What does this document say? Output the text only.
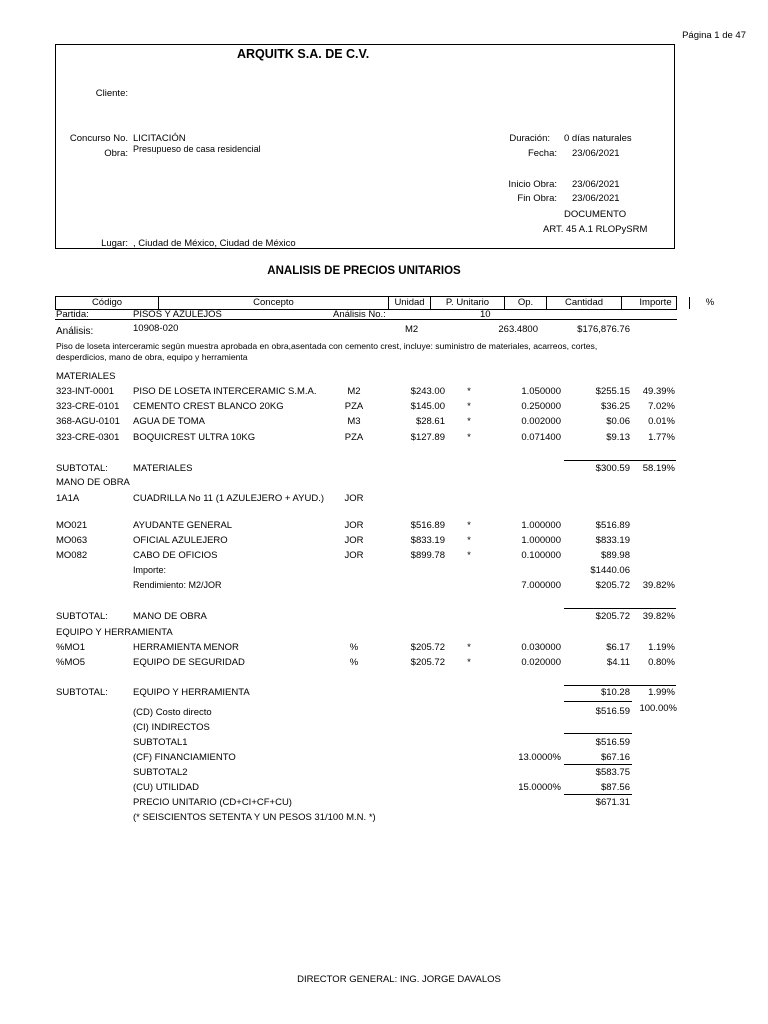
Página 1 de 47
ARQUITK S.A. DE C.V.
Cliente:
Concurso No. LICITACIÓN
Obra: Presupueso de casa residencial
Duración: 0 días naturales
Fecha: 23/06/2021
Inicio Obra: 23/06/2021
Fin Obra: 23/06/2021
DOCUMENTO
ART. 45 A.1 RLOPySRM
Lugar: , Ciudad de México, Ciudad de México
ANALISIS DE PRECIOS UNITARIOS
Código	Concepto	Unidad	P. Unitario	Op.	Cantidad	Importe	%
Partida:	PISOS Y AZULEJOS	Análisis No.:	10
Análisis:	10908-020	M2	263.4800	$176,876.76
Piso de loseta interceramic según muestra aprobada en obra,asentada con cemento crest, incluye: suministro de materiales, acarreos, cortes,
desperdicios, mano de obra, equipo y herramienta
MATERIALES
323-INT-0001 PISO DE LOSETA INTERCERAMIC S.M.A.	M2	$243.00	*	1.050000	$255.15	49.39%
323-CRE-0101 CEMENTO CREST BLANCO 20KG	PZA	$145.00	*	0.250000	$36.25	7.02%
368-AGU-0101 AGUA DE TOMA	M3	$28.61	*	0.002000	$0.06	0.01%
323-CRE-0301 BOQUICREST ULTRA 10KG	PZA	$127.89	*	0.071400	$9.13	1.77%
SUBTOTAL:	MATERIALES	$300.59	58.19%
MANO DE OBRA
1A1A	CUADRILLA No 11 (1 AZULEJERO + AYUD.)	JOR
MO021	AYUDANTE GENERAL	JOR	$516.89	*	1.000000	$516.89
MO063	OFICIAL AZULEJERO	JOR	$833.19	*	1.000000	$833.19
MO082	CABO DE OFICIOS	JOR	$899.78	*	0.100000	$89.98
Importe:	$1440.06
Rendimiento: M2/JOR	7.000000	$205.72	39.82%
SUBTOTAL:	MANO DE OBRA	$205.72	39.82%
EQUIPO Y HERRAMIENTA
%MO1	HERRAMIENTA MENOR	%	$205.72	*	0.030000	$6.17	1.19%
%MO5	EQUIPO DE SEGURIDAD	%	$205.72	*	0.020000	$4.11	0.80%
SUBTOTAL:	EQUIPO Y HERRAMIENTA	$10.28	1.99%
(CD) Costo directo	$516.59 100.00%
(CI) INDIRECTOS
SUBTOTAL1	$516.59
(CF) FINANCIAMIENTO	13.0000%	$67.16
SUBTOTAL2	$583.75
(CU) UTILIDAD	15.0000%	$87.56
PRECIO UNITARIO (CD+CI+CF+CU)	$671.31
(* SEISCIENTOS SETENTA Y UN PESOS 31/100 M.N. *)
DIRECTOR GENERAL: ING. JORGE DAVALOS
